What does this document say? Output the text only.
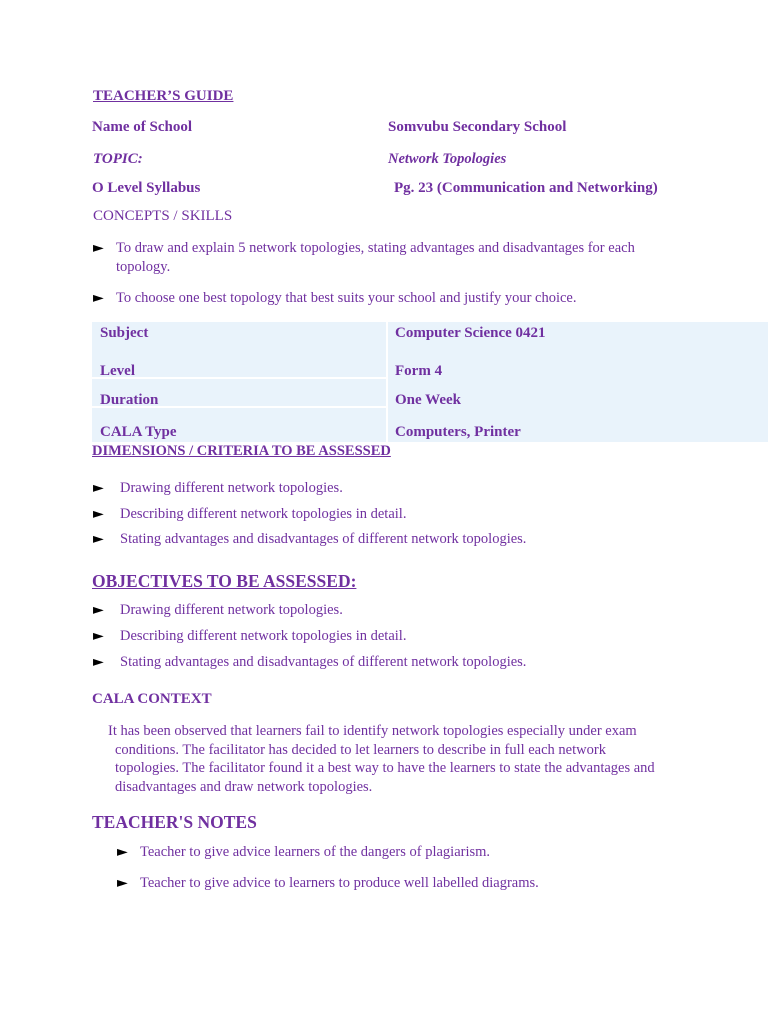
TEACHER’S GUIDE
Name of School	Somvubu Secondary School
TOPIC:	Network Topologies
O Level Syllabus	Pg. 23 (Communication and Networking)
CONCEPTS / SKILLS
► To draw and explain 5 network topologies, stating advantages and disadvantages for each topology.
► To choose one best topology that best suits your school and justify your choice.
Subject	Computer Science 0421
Level	Form 4
Duration	One Week
CALA Type	Computers, Printer
DIMENSIONS / CRITERIA TO BE ASSESSED
► Drawing different network topologies.
► Describing different network topologies in detail.
► Stating advantages and disadvantages of different network topologies.
OBJECTIVES TO BE ASSESSED:
► Drawing different network topologies.
► Describing different network topologies in detail.
► Stating advantages and disadvantages of different network topologies.
CALA CONTEXT
It has been observed that learners fail to identify network topologies especially under exam conditions. The facilitator has decided to let learners to describe in full each network topologies. The facilitator found it a best way to have the learners to state the advantages and disadvantages and draw network topologies.
TEACHER'S NOTES
► Teacher to give advice learners of the dangers of plagiarism.
► Teacher to give advice to learners to produce well labelled diagrams.
